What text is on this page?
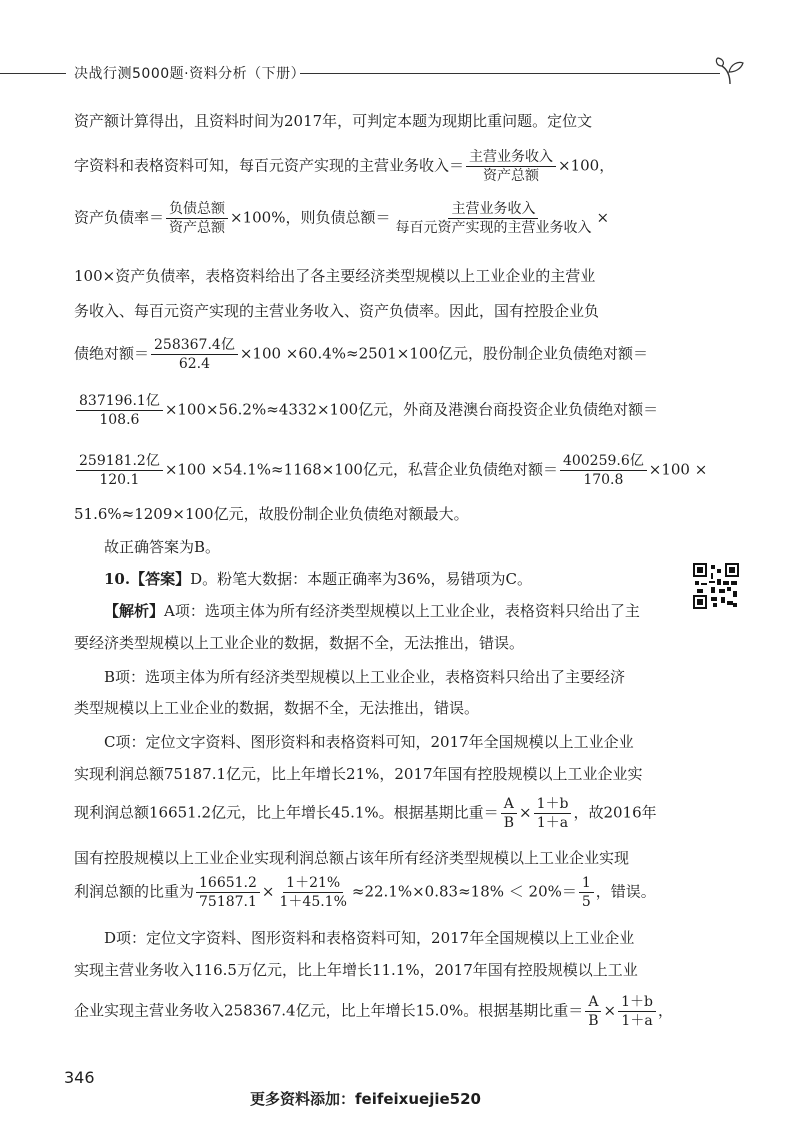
决战行测5000题·资料分析（下册）
资产额计算得出，且资料时间为2017年，可判定本题为现期比重问题。定位文
字资料和表格资料可知，每百元资产实现的主营业务收入＝ $\frac{\text{主营业务收入}}{\text{资产总额}} \times 100$，
资产负债率＝ $\frac{\text{负债总额}}{\text{资产总额}} \times 100\%$，则负债总额＝ $\frac{\text{主营业务收入}}{\text{每百元资产实现的主营业务收入}}$ ×
100×资产负债率，表格资料给出了各主要经济类型规模以上工业企业的主营业
务收入、每百元资产实现的主营业务收入、资产负债率。因此，国有控股企业负
债绝对额＝ $\frac{\text{258367.4亿}}{62.4} \times 100 \times 60.4\%\approx 2501\times 100$亿元，股份制企业负债绝对额＝
$\frac{\text{837196.1亿}}{108.6} \times 100\times 56.2\%\approx 4332\times 100$亿元，外商及港澳台商投资企业负债绝对额＝
$\frac{\text{259181.2亿}}{120.1} \times 100 \times 54.1\%\approx 1168\times 100$亿元，私营企业负债绝对额＝ $\frac{\text{400259.6亿}}{170.8} \times 100$ ×
51.6%≈1209×100亿元，故股份制企业负债绝对额最大。
故正确答案为B。
10.【答案】D。粉笔大数据：本题正确率为36%，易错项为C。
【解析】A项：选项主体为所有经济类型规模以上工业企业，表格资料只给出了主
要经济类型规模以上工业企业的数据，数据不全，无法推出，错误。
B项：选项主体为所有经济类型规模以上工业企业，表格资料只给出了主要经济
类型规模以上工业企业的数据，数据不全，无法推出，错误。
C项：定位文字资料、图形资料和表格资料可知，2017年全国规模以上工业企业
实现利润总额75187.1亿元，比上年增长21%，2017年国有控股规模以上工业企业实
现利润总额16651.2亿元，比上年增长45.1%。根据基期比重＝ $\frac{A}{B} \times \frac{1+b}{1+a}$ ，故2016年
国有控股规模以上工业企业实现利润总额占该年所有经济类型规模以上工业企业实现
利润总额的比重为 $\frac{16651.2}{75187.1} \times \frac{1+21\%}{1+45.1\%} \approx 22.1\%\times 0.83\approx 18\% < 20\%= \frac{1}{5}$ ，错误。
D项：定位文字资料、图形资料和表格资料可知，2017年全国规模以上工业企业
实现主营业务收入116.5万亿元，比上年增长11.1%，2017年国有控股规模以上工业
企业实现主营业务收入258367.4亿元，比上年增长15.0%。根据基期比重＝ $\frac{A}{B} \times \frac{1+b}{1+a}$ ，
346
更多资料添加：feifeixuejie520
